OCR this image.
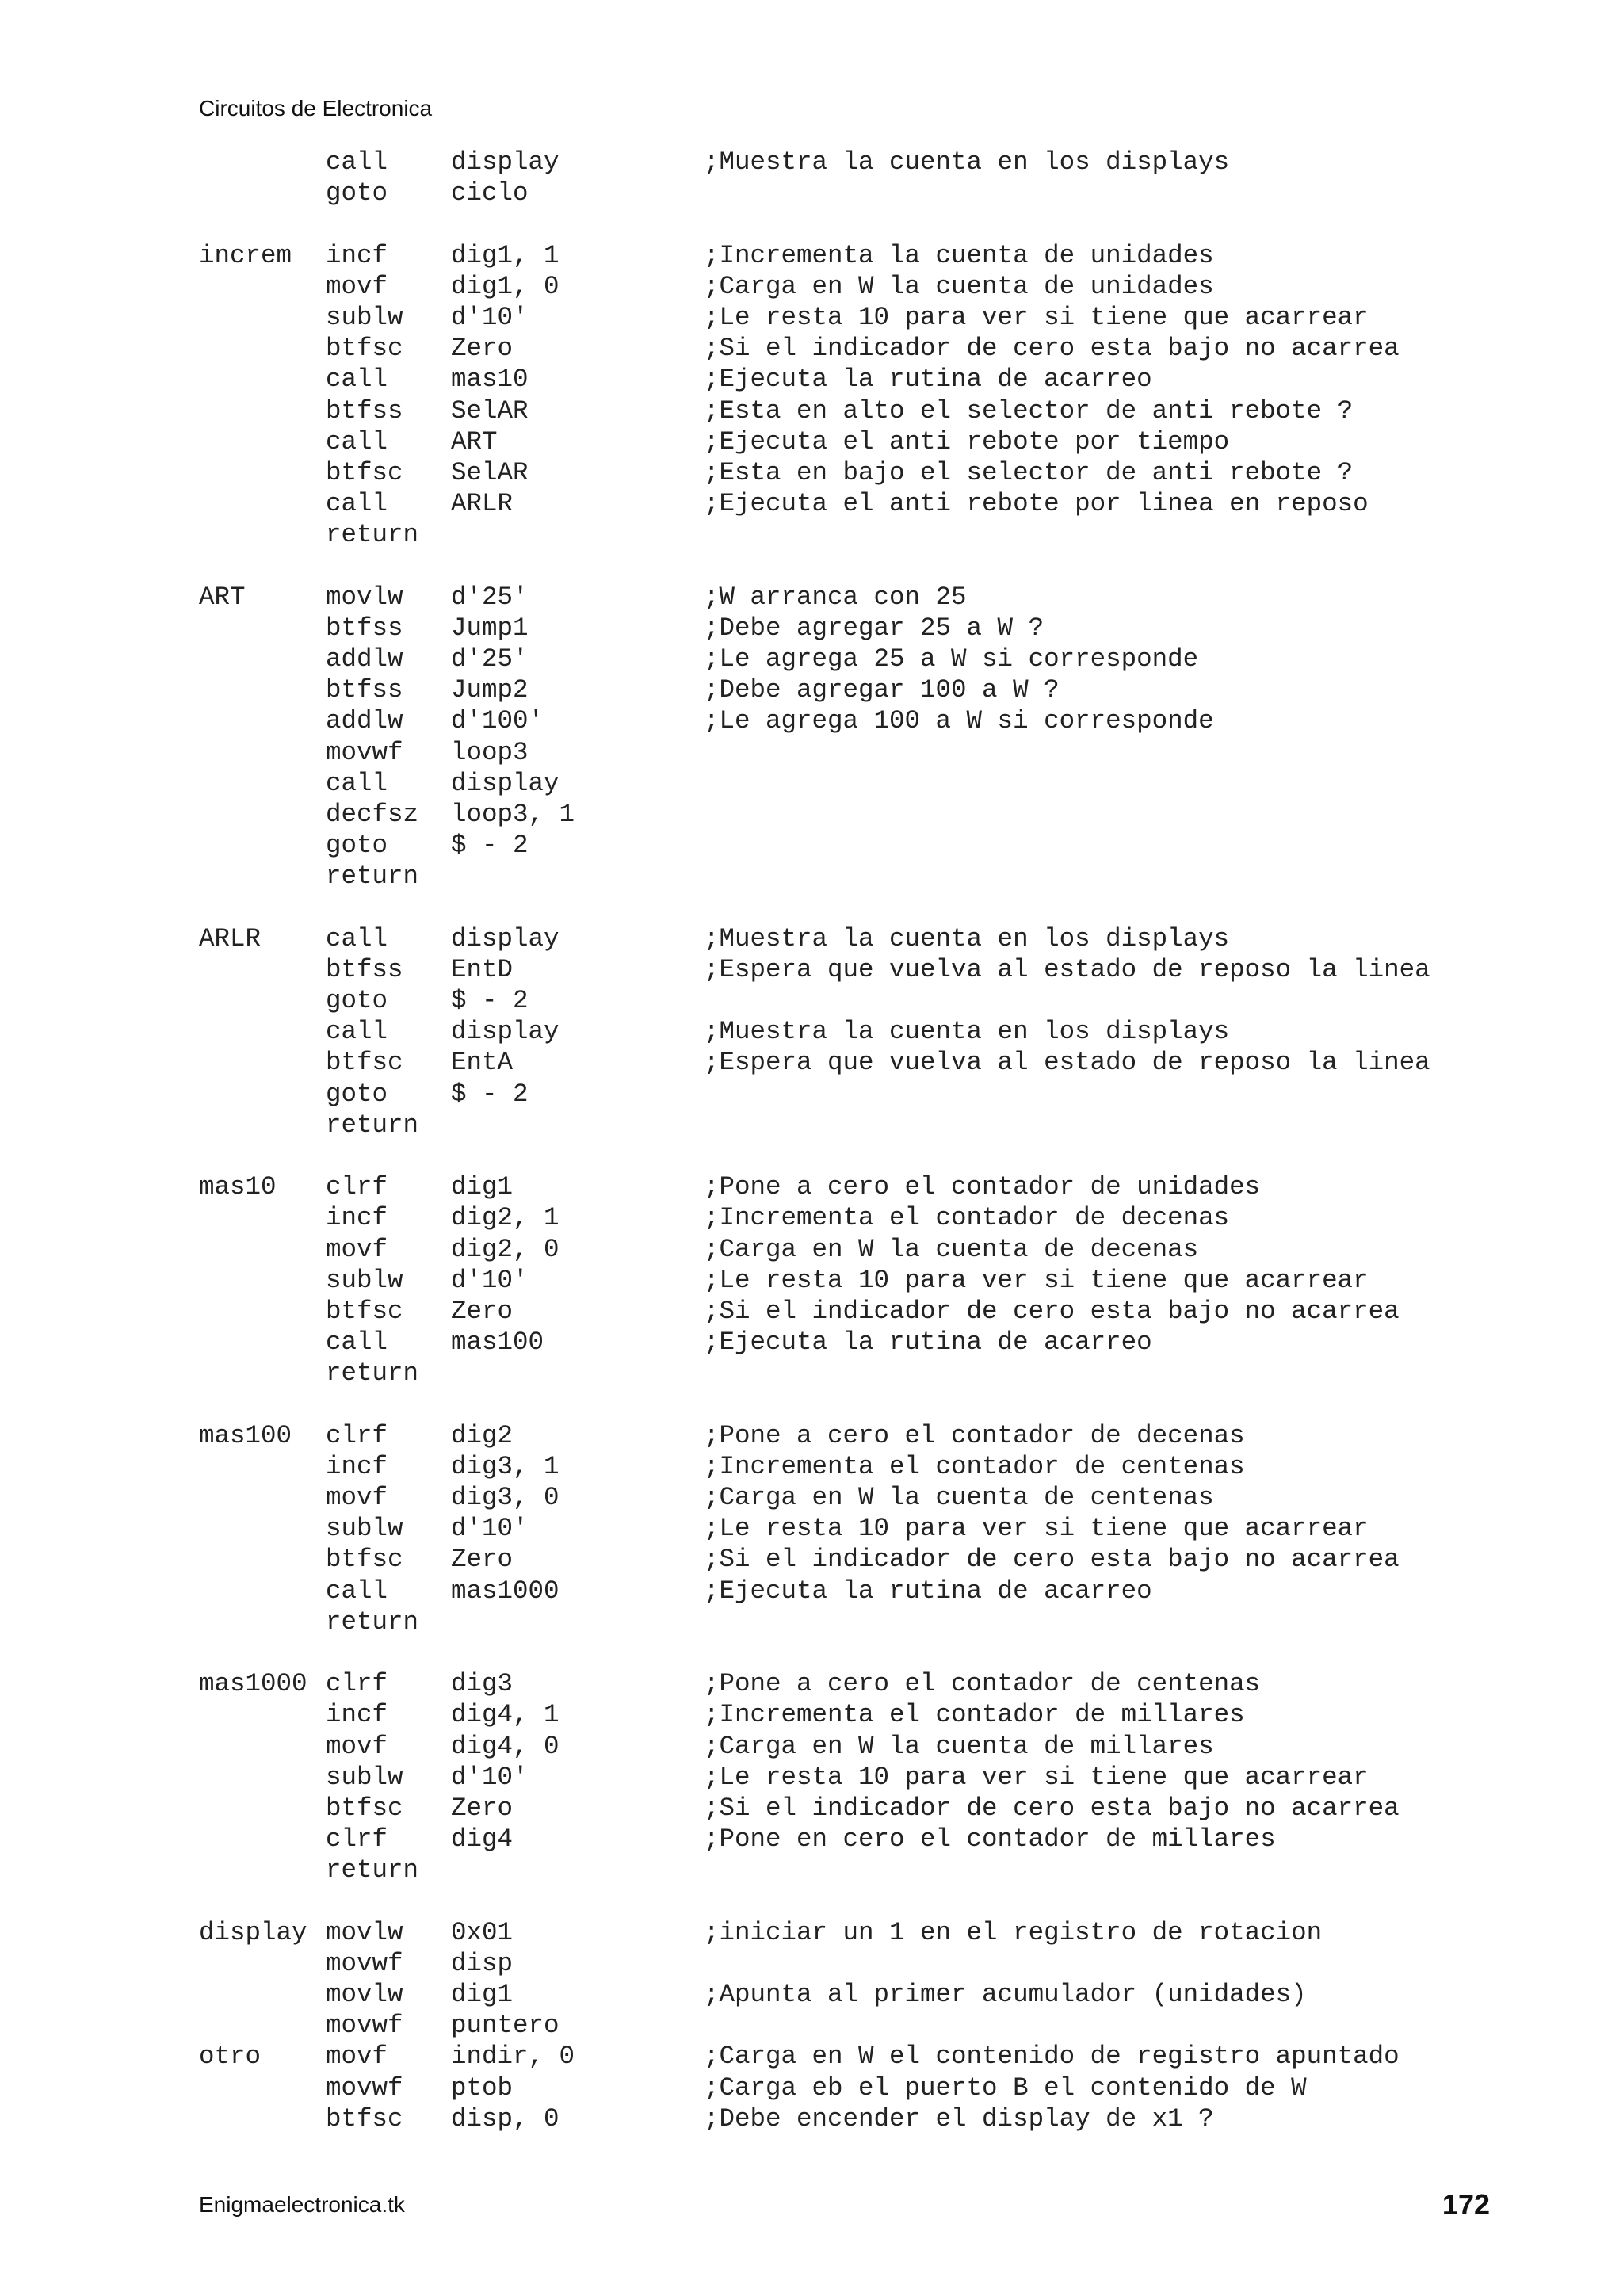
Circuitos de Electronica
call display	;Muestra la cuenta en los displays
goto ciclo
increm incf dig1, 1	;Incrementa la cuenta de unidades
movf dig1, 0	;Carga en W la cuenta de unidades
sublw d'10'	;Le resta 10 para ver si tiene que acarrear
btfsc Zero	;Si el indicador de cero esta bajo no acarrea
call mas10	;Ejecuta la rutina de acarreo
btfss SelAR	;Esta en alto el selector de anti rebote ?
call ART	;Ejecuta el anti rebote por tiempo
btfsc SelAR	;Esta en bajo el selector de anti rebote ?
call ARLR	;Ejecuta el anti rebote por linea en reposo
return
ART	movlw d'25'	;W arranca con 25
btfss Jump1	;Debe agregar 25 a W ?
addlw d'25'	;Le agrega 25 a W si corresponde
btfss Jump2	;Debe agregar 100 a W ?
addlw d'100'	;Le agrega 100 a W si corresponde
movwf loop3
call display
decfsz loop3, 1
goto $ - 2
return
ARLR	call display	;Muestra la cuenta en los displays
btfss EntD	;Espera que vuelva al estado de reposo la linea
goto $ - 2
call display	;Muestra la cuenta en los displays
btfsc EntA	;Espera que vuelva al estado de reposo la linea
goto $ - 2
return
mas10 clrf dig1	;Pone a cero el contador de unidades
incf dig2, 1	;Incrementa el contador de decenas
movf dig2, 0	;Carga en W la cuenta de decenas
sublw d'10'	;Le resta 10 para ver si tiene que acarrear
btfsc Zero	;Si el indicador de cero esta bajo no acarrea
call mas100	;Ejecuta la rutina de acarreo
return
mas100 clrf dig2	;Pone a cero el contador de decenas
incf dig3, 1	;Incrementa el contador de centenas
movf dig3, 0	;Carga en W la cuenta de centenas
sublw d'10'	;Le resta 10 para ver si tiene que acarrear
btfsc Zero	;Si el indicador de cero esta bajo no acarrea
call mas1000	;Ejecuta la rutina de acarreo
return
mas1000 clrf dig3	;Pone a cero el contador de centenas
incf dig4, 1	;Incrementa el contador de millares
movf dig4, 0	;Carga en W la cuenta de millares
sublw d'10'	;Le resta 10 para ver si tiene que acarrear
btfsc Zero	;Si el indicador de cero esta bajo no acarrea
clrf dig4	;Pone en cero el contador de millares
return
display movlw 0x01	;iniciar un 1 en el registro de rotacion
movwf disp
movlw dig1	;Apunta al primer acumulador (unidades)
movwf puntero
otro	movf indir, 0	;Carga en W el contenido de registro apuntado
movwf ptob	;Carga eb el puerto B el contenido de W
btfsc disp, 0	;Debe encender el display de x1 ?
Enigmaelectronica.tk	172
